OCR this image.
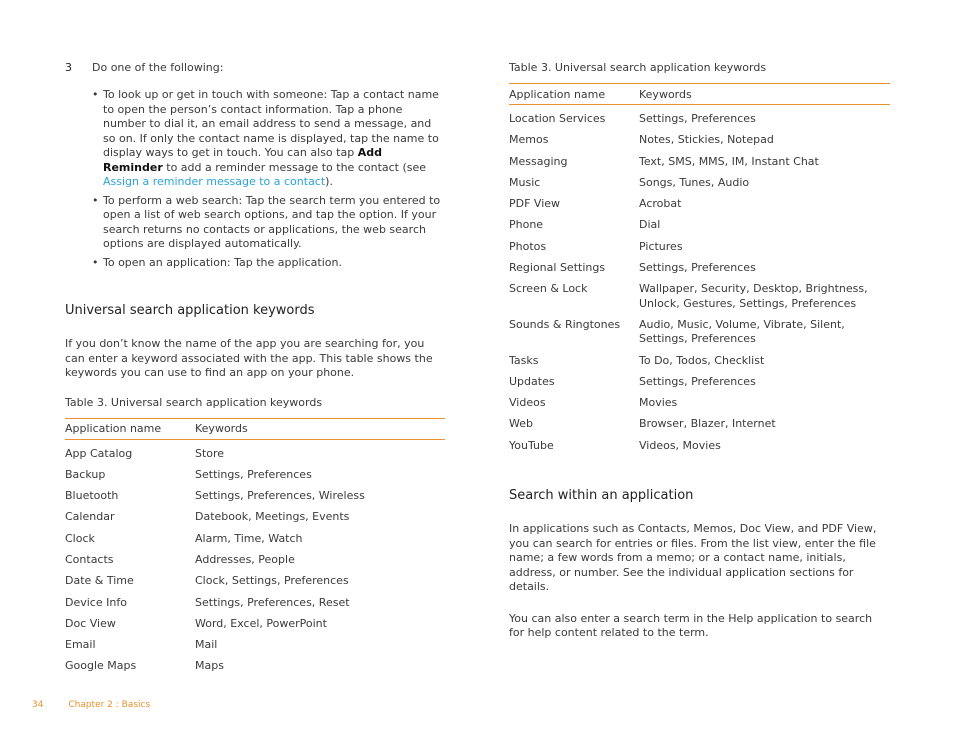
3 Do one of the following:
• To look up or get in touch with someone: Tap a contact name to open the person’s contact information. Tap a phone number to dial it, an email address to send a message, and so on. If only the contact name is displayed, tap the name to display ways to get in touch. You can also tap Add Reminder to add a reminder message to the contact (see Assign a reminder message to a contact).
• To perform a web search: Tap the search term you entered to open a list of web search options, and tap the option. If your search returns no contacts or applications, the web search options are displayed automatically.
• To open an application: Tap the application.
Universal search application keywords

If you don’t know the name of the app you are searching for, you can enter a keyword associated with the app. This table shows the keywords you can use to find an app on your phone.

Table 3. Universal search application keywords

Application name	Keywords
App Catalog	Store
Backup	Settings, Preferences
Bluetooth	Settings, Preferences, Wireless
Calendar	Datebook, Meetings, Events
Clock	Alarm, Time, Watch
Contacts	Addresses, People
Date & Time	Clock, Settings, Preferences
Device Info	Settings, Preferences, Reset
Doc View	Word, Excel, PowerPoint
Email	Mail
Google Maps	Maps

Table 3. Universal search application keywords

Application name	Keywords
Location Services	Settings, Preferences
Memos	Notes, Stickies, Notepad
Messaging	Text, SMS, MMS, IM, Instant Chat
Music	Songs, Tunes, Audio
PDF View	Acrobat
Phone	Dial
Photos	Pictures
Regional Settings	Settings, Preferences
Screen & Lock	Wallpaper, Security, Desktop, Brightness, Unlock, Gestures, Settings, Preferences
Sounds & Ringtones	Audio, Music, Volume, Vibrate, Silent, Settings, Preferences
Tasks	To Do, Todos, Checklist
Updates	Settings, Preferences
Videos	Movies
Web	Browser, Blazer, Internet
YouTube	Videos, Movies
Search within an application

In applications such as Contacts, Memos, Doc View, and PDF View, you can search for entries or files. From the list view, enter the file name; a few words from a memo; or a contact name, initials, address, or number. See the individual application sections for details.

You can also enter a search term in the Help application to search for help content related to the term.

34	Chapter 2 : Basics
